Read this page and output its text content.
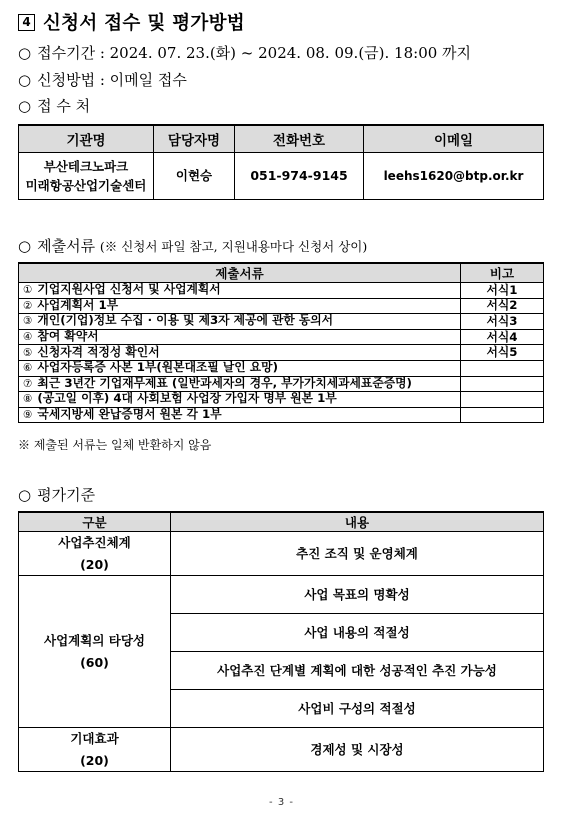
4 신청서 접수 및 평가방법
○ 접수기간 : 2024. 07. 23.(화) ~ 2024. 08. 09.(금). 18:00 까지
○ 신청방법 : 이메일 접수
○ 접 수 처
기관명	담당자명	전화번호	이메일

부산테크노파크
미래항공산업기술센터	이현승	051-974-9145	leehs1620@btp.or.kr
○ 제출서류 (※ 신청서 파일 참고, 지원내용마다 신청서 상이)
제출서류	비고
① 기업지원사업 신청서 및 사업계획서	서식1
② 사업계획서 1부	서식2
③ 개인(기업)정보 수집 · 이용 및 제3자 제공에 관한 동의서	서식3
④ 참여 확약서	서식4
⑤ 신청자격 적정성 확인서	서식5
⑥ 사업자등록증 사본 1부(원본대조필 날인 요망)	
⑦ 최근 3년간 기업재무제표 (일반과세자의 경우, 부가가치세과세표준증명)	
⑧ (공고일 이후) 4대 사회보험 사업장 가입자 명부 원본 1부	
⑨ 국세지방세 완납증명서 원본 각 1부	
※ 제출된 서류는 일체 반환하지 않음
○ 평가기준
구분	내용

사업추진체계
(20)	추진 조직 및 운영체계

사업계획의 타당성
(60)	사업 목표의 명확성
	사업 내용의 적절성
	사업추진 단계별 계획에 대한 성공적인 추진 가능성
	사업비 구성의 적절성

기대효과
(20)	경제성 및 시장성
- 3 -
